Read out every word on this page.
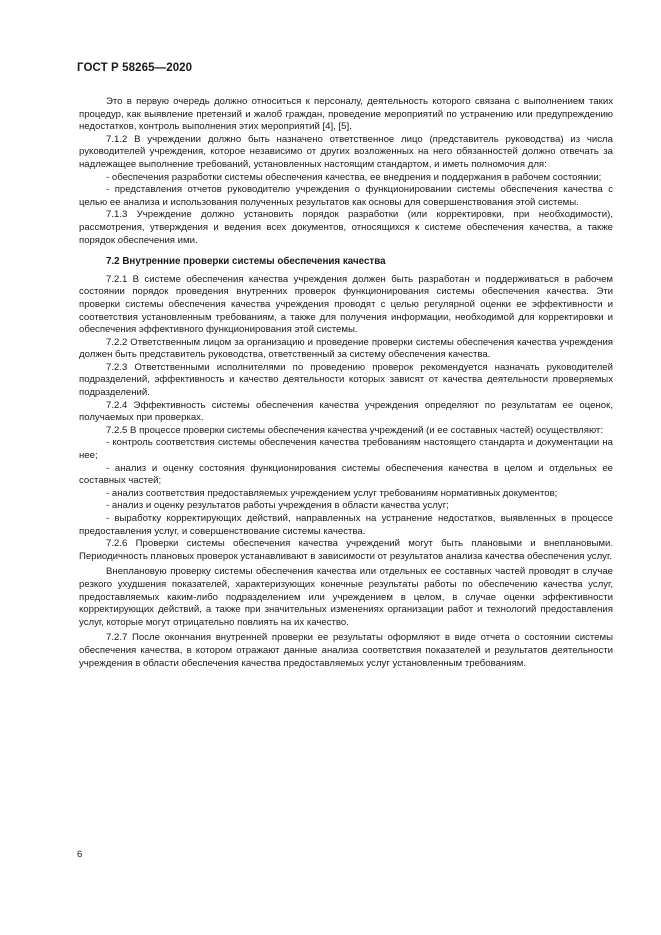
ГОСТ Р 58265—2020

Это в первую очередь должно относиться к персоналу, деятельность которого связана с выполнением таких процедур, как выявление претензий и жалоб граждан, проведение мероприятий по устранению или предупреждению недостатков, контроль выполнения этих мероприятий [4], [5].

7.1.2 В учреждении должно быть назначено ответственное лицо (представитель руководства) из числа руководителей учреждения, которое независимо от других возложенных на него обязанностей должно отвечать за надлежащее выполнение требований, установленных настоящим стандартом, и иметь полномочия для:

- обеспечения разработки системы обеспечения качества, ее внедрения и поддержания в рабочем состоянии;

- представления отчетов руководителю учреждения о функционировании системы обеспечения качества с целью ее анализа и использования полученных результатов как основы для совершенствования этой системы.

7.1.3 Учреждение должно установить порядок разработки (или корректировки, при необходимости), рассмотрения, утверждения и ведения всех документов, относящихся к системе обеспечения качества, а также порядок обеспечения ими.

7.2 Внутренние проверки системы обеспечения качества

7.2.1 В системе обеспечения качества учреждения должен быть разработан и поддерживаться в рабочем состоянии порядок проведения внутренних проверок функционирования системы обеспечения качества. Эти проверки системы обеспечения качества учреждения проводят с целью регулярной оценки ее эффективности и соответствия установленным требованиям, а также для получения информации, необходимой для корректировки и обеспечения эффективного функционирования этой системы.

7.2.2 Ответственным лицом за организацию и проведение проверки системы обеспечения качества учреждения должен быть представитель руководства, ответственный за систему обеспечения качества.

7.2.3 Ответственными исполнителями по проведению проверок рекомендуется назначать руководителей подразделений, эффективность и качество деятельности которых зависят от качества деятельности проверяемых подразделений.

7.2.4 Эффективность системы обеспечения качества учреждения определяют по результатам ее оценок, получаемых при проверках.

7.2.5 В процессе проверки системы обеспечения качества учреждений (и ее составных частей) осуществляют:

- контроль соответствия системы обеспечения качества требованиям настоящего стандарта и документации на нее;

- анализ и оценку состояния функционирования системы обеспечения качества в целом и отдельных ее составных частей;

- анализ соответствия предоставляемых учреждением услуг требованиям нормативных документов;

- анализ и оценку результатов работы учреждения в области качества услуг;

- выработку корректирующих действий, направленных на устранение недостатков, выявленных в процессе предоставления услуг, и совершенствование системы качества.

7.2.6 Проверки системы обеспечения качества учреждений могут быть плановыми и внеплановыми. Периодичность плановых проверок устанавливают в зависимости от результатов анализа качества обеспечения услуг.

Внеплановую проверку системы обеспечения качества или отдельных ее составных частей проводят в случае резкого ухудшения показателей, характеризующих конечные результаты работы по обеспечению качества услуг, предоставляемых каким-либо подразделением или учреждением в целом, в случае оценки эффективности корректирующих действий, а также при значительных изменениях организации работ и технологий предоставления услуг, которые могут отрицательно повлиять на их качество.

7.2.7 После окончания внутренней проверки ее результаты оформляют в виде отчета о состоянии системы обеспечения качества, в котором отражают данные анализа соответствия показателей и результатов деятельности учреждения в области обеспечения качества предоставляемых услуг установленным требованиям.

6
